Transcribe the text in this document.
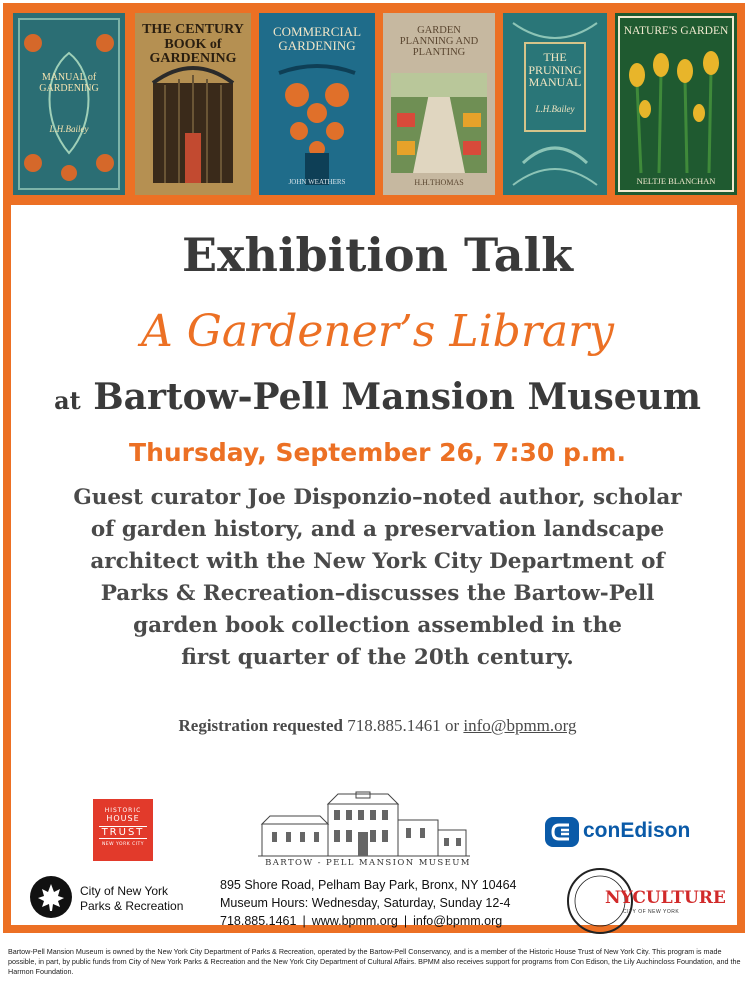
MANUAL of GARDENING
L.H.Bailey
THE CENTURY BOOK of GARDENING
COMMERCIAL GARDENING
JOHN WEATHERS
GARDEN PLANNING AND PLANTING
H.H.THOMAS
THE PRUNING MANUAL
L.H.Bailey
NATURE'S GARDEN
NELTJE BLANCHAN
Exhibition Talk
A Gardener’s Library
at Bartow-Pell Mansion Museum
Thursday, September 26, 7:30 p.m.
Guest curator Joe Disponzio–noted author, scholar
of garden history, and a preservation landscape
architect with the New York City Department of
Parks & Recreation–discusses the Bartow-Pell
garden book collection assembled in the
first quarter of the 20th century.
Registration requested 718.885.1461 or info@bpmm.org
HISTORIC
HOUSE
TRUST
NEW YORK CITY
BARTOW - PELL MANSION MUSEUM
895 Shore Road, Pelham Bay Park, Bronx, NY 10464
Museum Hours: Wednesday, Saturday, Sunday 12-4
718.885.1461 | www.bpmm.org | info@bpmm.org
City of New York
Parks & Recreation
conEdison
NYCULTURE
CITY OF NEW YORK
Bartow-Pell Mansion Museum is owned by the New York City Department of Parks & Recreation, operated by the Bartow-Pell Conservancy, and is a member of the Historic House Trust of New York City. This program is made possible, in part, by public funds from City of New York Parks & Recreation and the New York City Department of Cultural Affairs. BPMM also receives support for programs from Con Edison, the Lily Auchincloss Foundation, and the Harmon Foundation.
